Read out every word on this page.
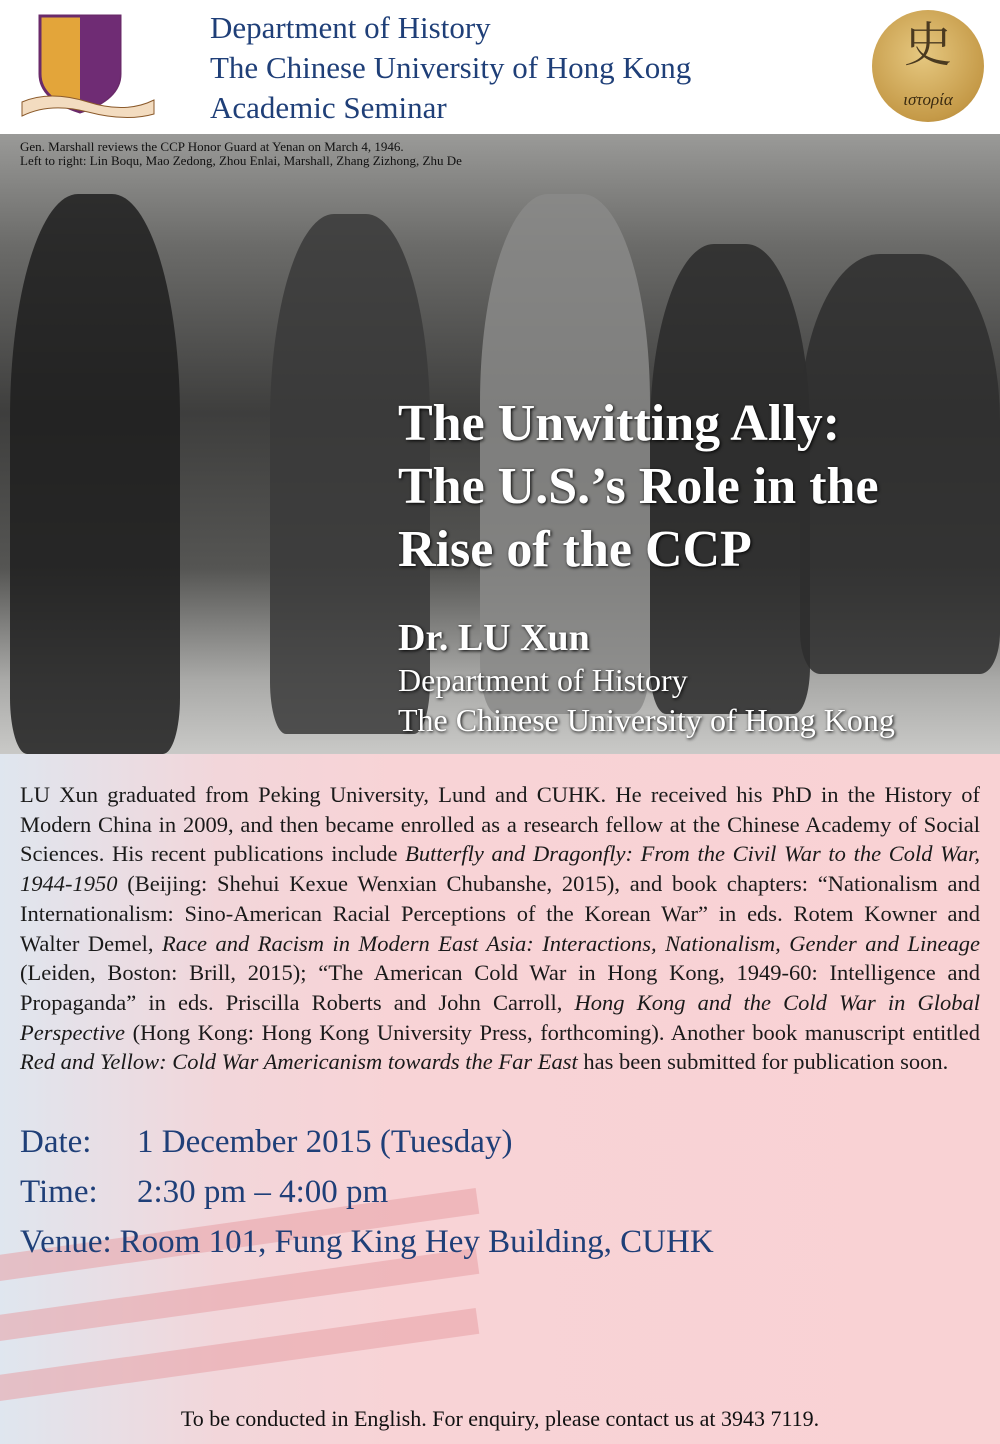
Department of History
The Chinese University of Hong Kong
Academic Seminar
史
ιστορία
Gen. Marshall reviews the CCP Honor Guard at Yenan on March 4, 1946.
Left to right: Lin Boqu, Mao Zedong, Zhou Enlai, Marshall, Zhang Zizhong, Zhu De
The Unwitting Ally:
The U.S.’s Role in the
Rise of the CCP
Dr. LU Xun
Department of History
The Chinese University of Hong Kong
LU Xun graduated from Peking University, Lund and CUHK. He received his PhD in the History of Modern China in 2009, and then became enrolled as a research fellow at the Chinese Academy of Social Sciences. His recent publications include Butterfly and Dragonfly: From the Civil War to the Cold War, 1944-1950 (Beijing: Shehui Kexue Wenxian Chubanshe, 2015), and book chapters: “Nationalism and Internationalism: Sino-American Racial Perceptions of the Korean War” in eds. Rotem Kowner and Walter Demel, Race and Racism in Modern East Asia: Interactions, Nationalism, Gender and Lineage (Leiden, Boston: Brill, 2015); “The American Cold War in Hong Kong, 1949-60: Intelligence and Propaganda” in eds. Priscilla Roberts and John Carroll, Hong Kong and the Cold War in Global Perspective (Hong Kong: Hong Kong University Press, forthcoming). Another book manuscript entitled Red and Yellow: Cold War Americanism towards the Far East has been submitted for publication soon.
Date: 1 December 2015 (Tuesday)
Time: 2:30 pm – 4:00 pm
Venue: Room 101, Fung King Hey Building, CUHK
To be conducted in English. For enquiry, please contact us at 3943 7119.
